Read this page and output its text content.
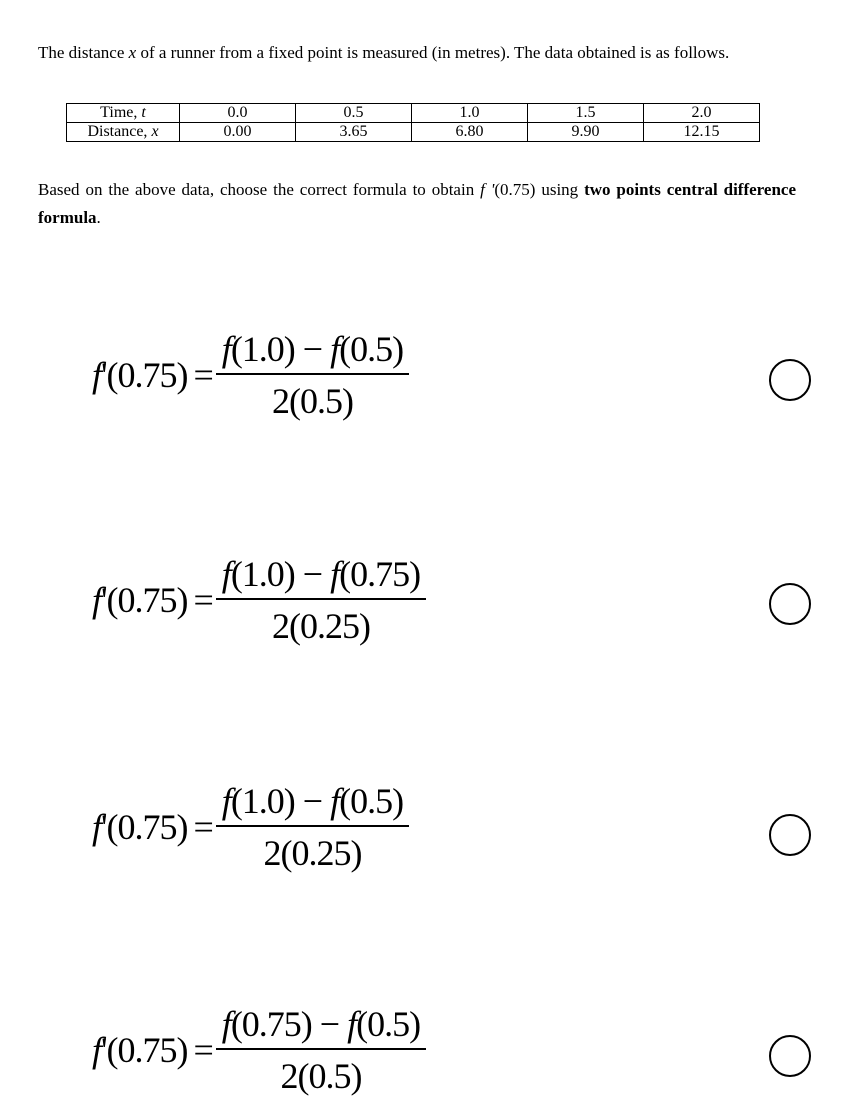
The distance x of a runner from a fixed point is measured (in metres). The data obtained is as follows.
Time, t	0.0	0.5	1.0	1.5	2.0
Distance, x	0.00	3.65	6.80	9.90	12.15
Based on the above data, choose the correct formula to obtain f '(0.75) using two points central difference formula.
$f'(0.75) = \frac{f(1.0) - f(0.5)}{2(0.5)}$
$f'(0.75) = \frac{f(1.0) - f(0.75)}{2(0.25)}$
$f'(0.75) = \frac{f(1.0) - f(0.5)}{2(0.25)}$
$f'(0.75) = \frac{f(0.75) - f(0.5)}{2(0.5)}$
